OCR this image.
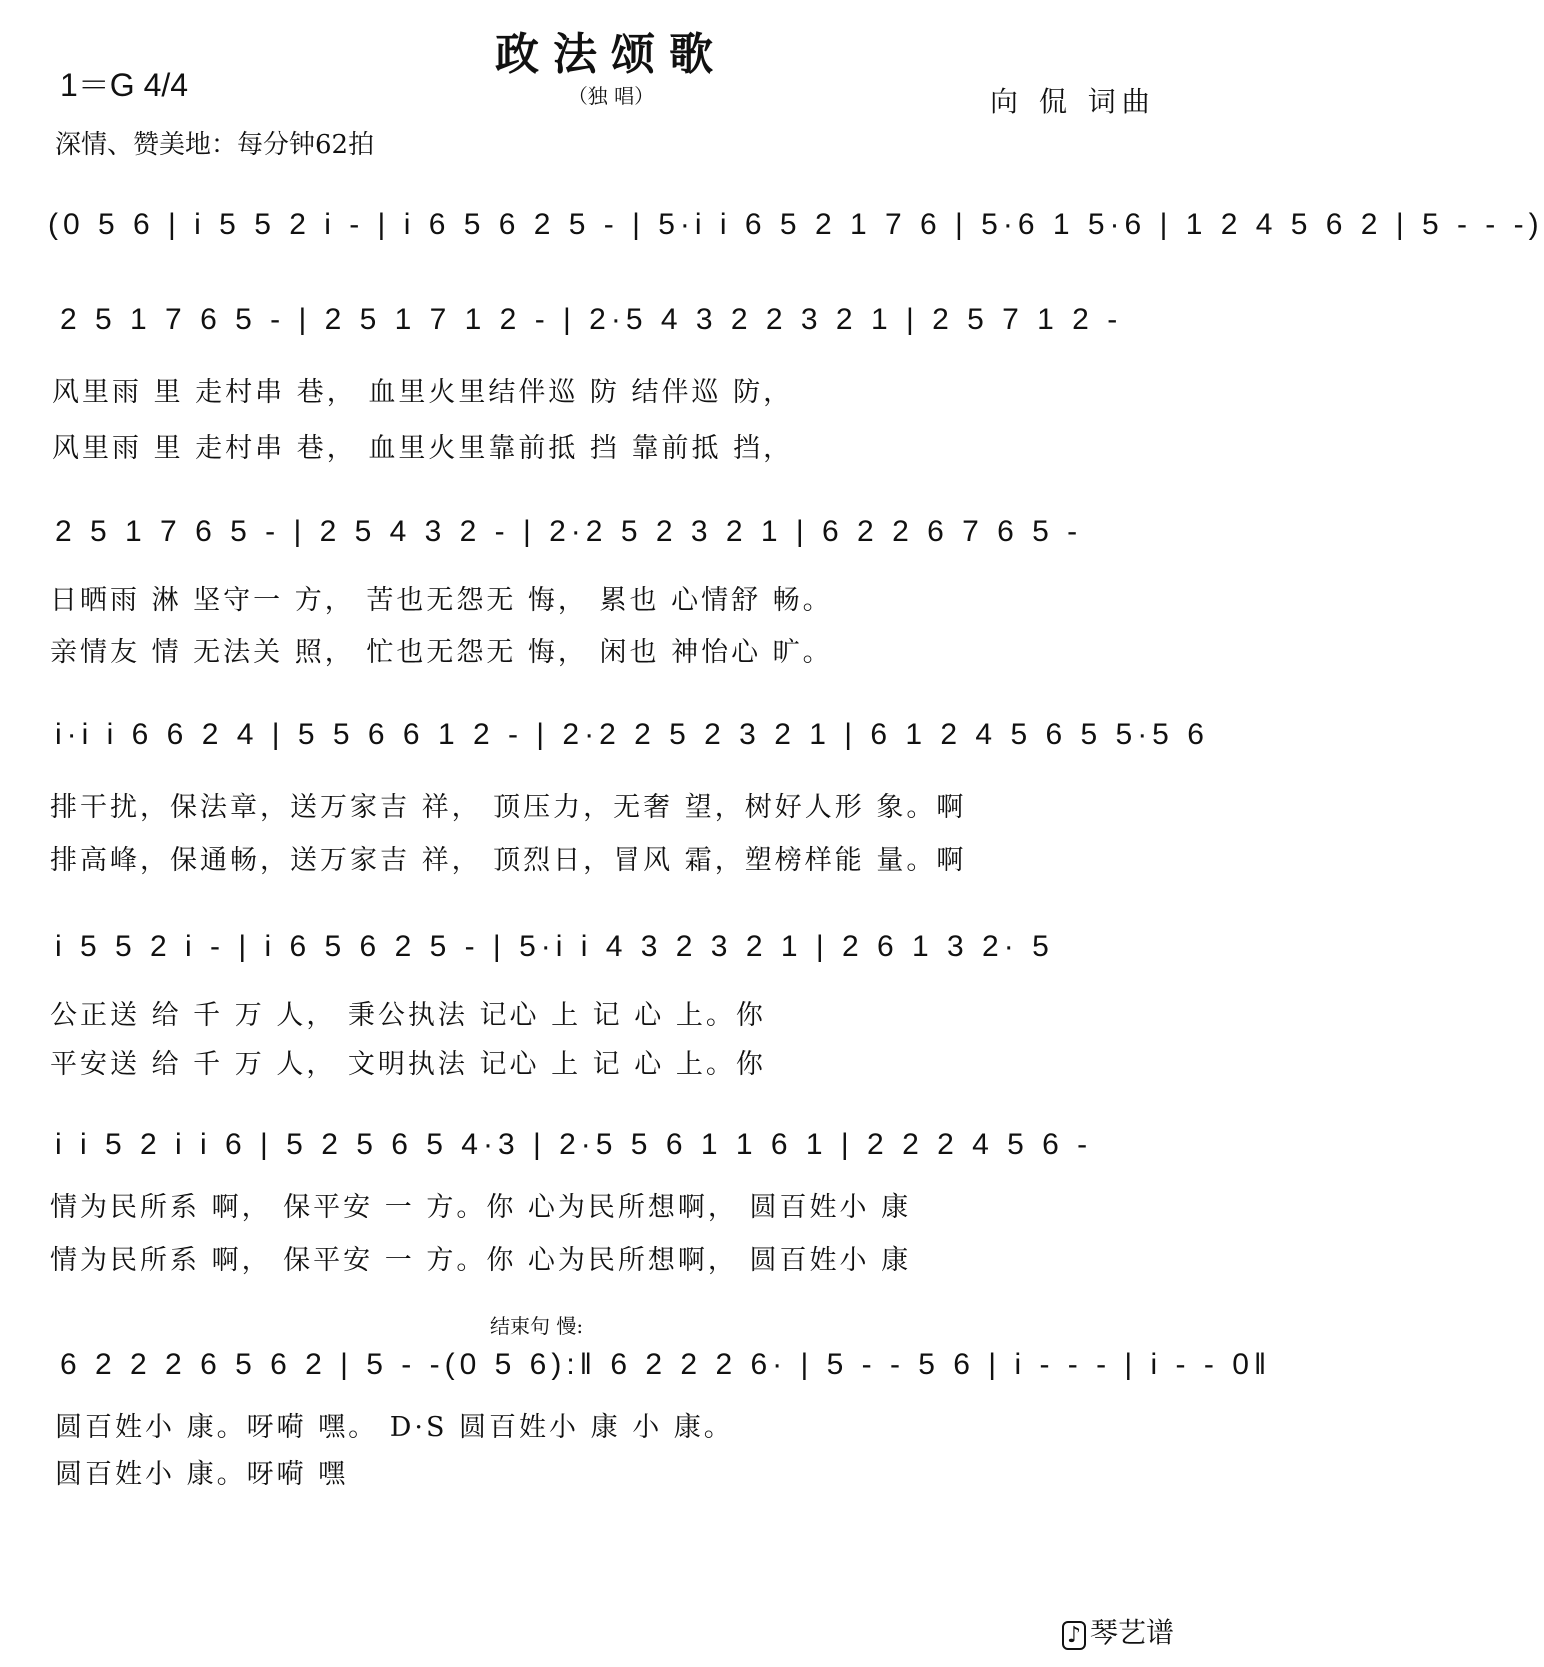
政法颂歌
（独 唱）
1＝G 4/4	向 侃 词曲
深情、赞美地：每分钟62拍
(0 5 6 | i 5 5 2 i - | i 6 5 6 2 5 - | 5·i i 6 5 2 1 7 6 | 5·6 1 5·6 | 1 2 4 5 6 2 | 5 - - -)
2 5 1 7 6 5 - | 2 5 1 7 1 2 - | 2·5 4 3 2 2 3 2 1 | 2 5 7 1 2 -
风里雨 里 走村串 巷， 血里火里结伴巡 防 结伴巡 防，
风里雨 里 走村串 巷， 血里火里靠前抵 挡 靠前抵 挡，
2 5 1 7 6 5 - | 2 5 4 3 2 - | 2·2 5 2 3 2 1 | 6 2 2 6 7 6 5 -
日晒雨 淋 坚守一 方， 苦也无怨无 悔， 累也 心情舒 畅。
亲情友 情 无法关 照， 忙也无怨无 悔， 闲也 神怡心 旷。
i·i i 6 6 2 4 | 5 5 6 6 1 2 - | 2·2 2 5 2 3 2 1 | 6 1 2 4 5 6 5 5·5 6
排干扰，保法章，送万家吉 祥， 顶压力，无奢 望，树好人形 象。啊
排高峰，保通畅，送万家吉 祥， 顶烈日，冒风 霜，塑榜样能 量。啊
i 5 5 2 i - | i 6 5 6 2 5 - | 5·i i 4 3 2 3 2 1 | 2 6 1 3 2· 5
公正送 给 千 万 人， 秉公执法 记心 上 记 心 上。你
平安送 给 千 万 人， 文明执法 记心 上 记 心 上。你
i i 5 2 i i 6 | 5 2 5 6 5 4·3 | 2·5 5 6 1 1 6 1 | 2 2 2 4 5 6 -
情为民所系 啊， 保平安 一 方。你 心为民所想啊， 圆百姓小 康
情为民所系 啊， 保平安 一 方。你 心为民所想啊， 圆百姓小 康
结束句 慢:
6 2 2 2 6 5 6 2 | 5 - -(0 5 6):‖ 6 2 2 2 6· | 5 - - 5 6 | i - - - | i - - 0‖
圆百姓小 康。呀嗬 嘿。 D·S 圆百姓小 康 小 康。
圆百姓小 康。呀嗬 嘿
♪ 琴艺谱
